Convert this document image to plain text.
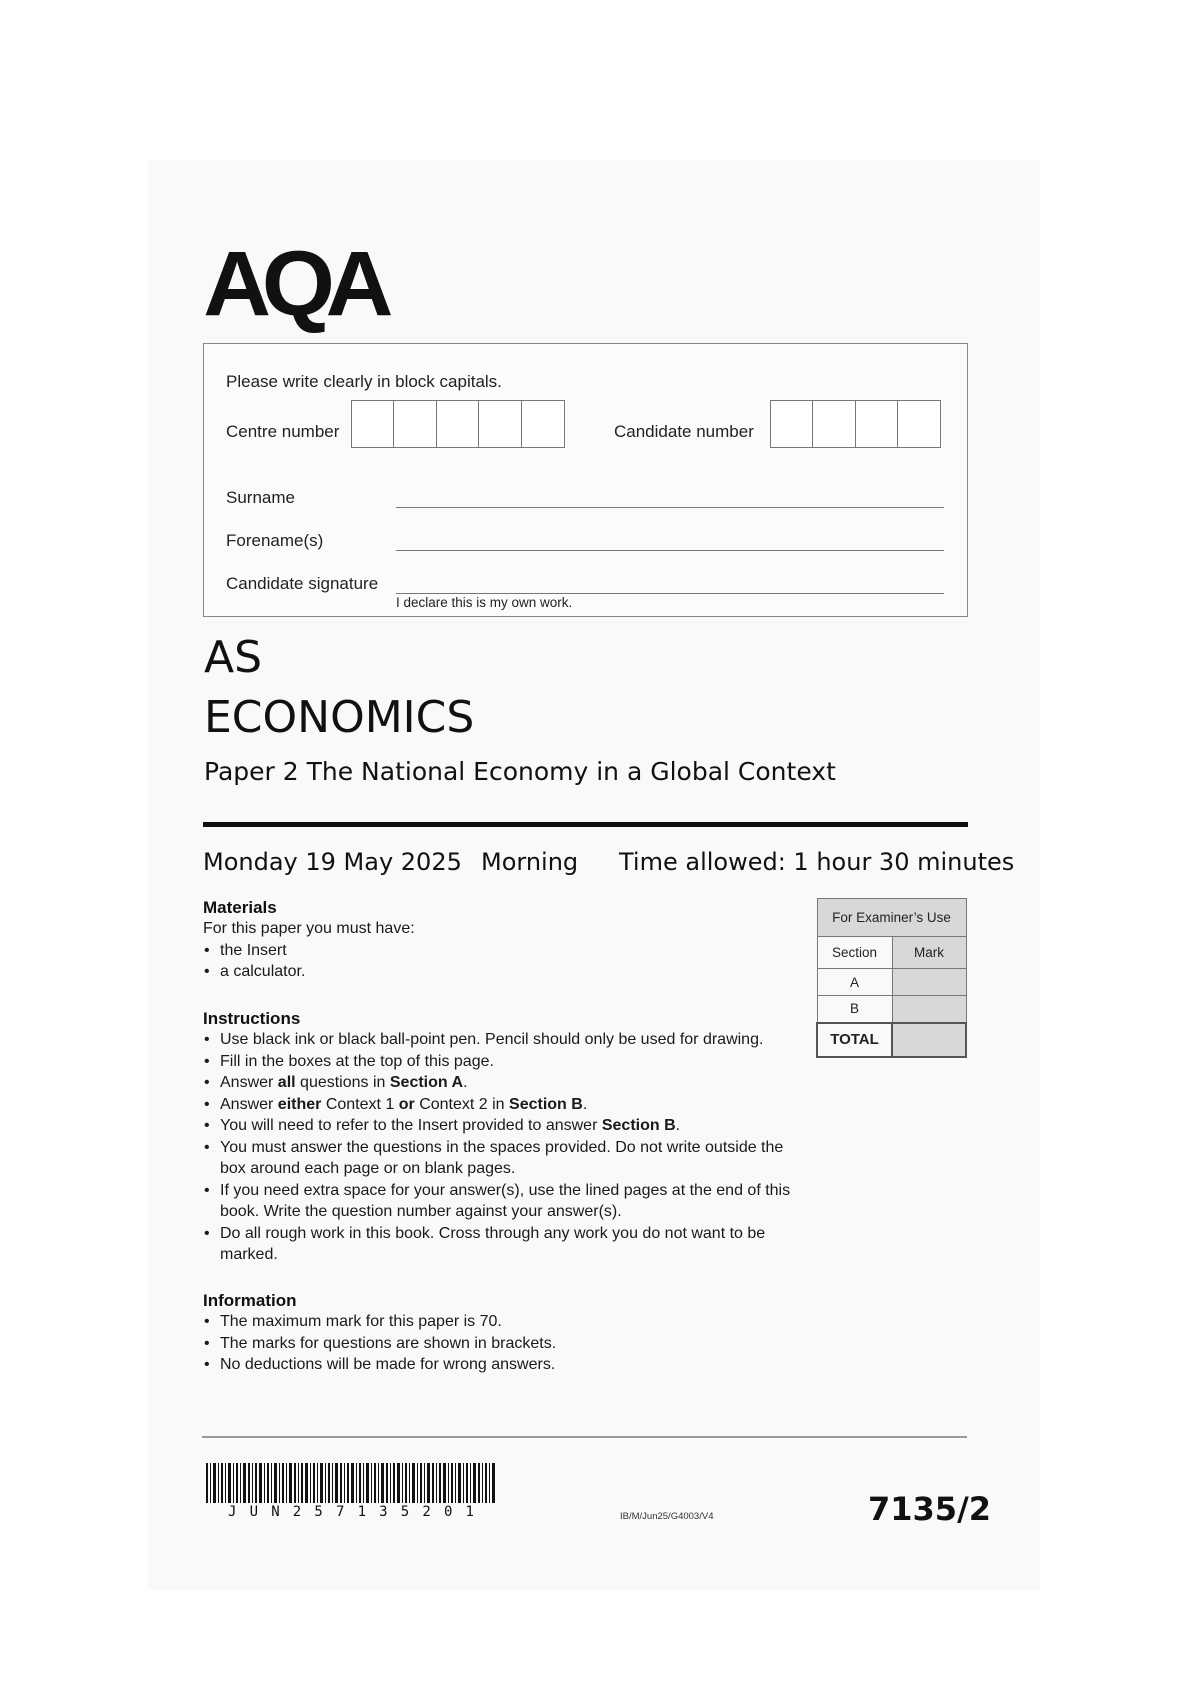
AQA
Please write clearly in block capitals.
Centre number	Candidate number
Surname
Forename(s)
Candidate signature
I declare this is my own work.
AS
ECONOMICS
Paper 2 The National Economy in a Global Context
Monday 19 May 2025 Morning Time allowed: 1 hour 30 minutes
Materials
For this paper you must have:
• the Insert
• a calculator.
Instructions
• Use black ink or black ball-point pen. Pencil should only be used for drawing.
• Fill in the boxes at the top of this page.
• Answer all questions in Section A.
• Answer either Context 1 or Context 2 in Section B.
• You will need to refer to the Insert provided to answer Section B.
• You must answer the questions in the spaces provided. Do not write outside the box around each page or on blank pages.
• If you need extra space for your answer(s), use the lined pages at the end of this book. Write the question number against your answer(s).
• Do all rough work in this book. Cross through any work you do not want to be marked.
Information
• The maximum mark for this paper is 70.
• The marks for questions are shown in brackets.
• No deductions will be made for wrong answers.
For Examiner’s Use	
Section	Mark
A	
B	
TOTAL	
J U N 2 5 7 1 3 5 2 0 1	IB/M/Jun25/G4003/V4	7135/2
